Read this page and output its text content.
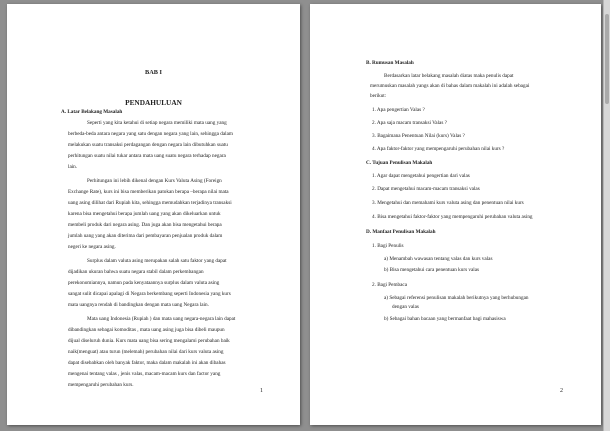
BAB I
PENDAHULUAN
A. Latar Belakang Masalah
Seperti yang kita ketahui di setiap negara memiliki mata uang yang
berbeda-beda antara negara yang satu dengan negara yang lain, sehingga dalam
melakukan suatu transaksi perdagangan dengan negara lain dibutuhkan suatu
perhitungan suatu nilai tukar antara mata uang suatu negara terhadap negara
lain.
Perhitungan ini lebih dikenal dengan Kurs Valuta Asing (Foreign
Exchange Rate), kurs ini bisa memberikan patokan berapa –berapa nilai mata
uang asing dilihat dari Rupiah kita, sehingga memudahkan terjadinya transaksi
karena bisa mengetahui berapa jumlah uang yang akan dikeluarkan untuk
membeli produk dari negara asing. Dan juga akan bisa mengetahui berapa
jumlah uang yang akan diterima dari pembayaran penjualan produk dalam
negeri ke negara asing.
Surplus dalam valuta asing merupakan salah satu faktor yang dapat
dijadikan ukuran bahwa suatu negara stabil dalam perkembangan
perekonomiannya, namun pada kenyataannya surplus dalam valuta asing
sangat sulit dicapai apalagi di Negara berkembang seperti Indonesia yang kurs
mata uangnya rendah di bandingkan dengan mata uang Negara lain.
Mata uang Indonesia (Rupiah ) dan mata uang negara-negara lain dapat
dibandingkan sebagai komoditas , mata uang asing juga bisa dibeli maupun
dijual diseluruh dunia. Kurs mata uang bisa sering mengalami perubahan baik
naik(menguat) atau turun (melemah) perubahan nilai dari kurs valuta asing
dapat disebabkan oleh banyak faktor, maka dalam makalah ini akan dibahas
mengenai tentang valas , jenis valas, macam-macam kurs dan factor yang
mempengaruhi perubahan kurs.
1
B. Rumusan Masalah
Berdasarkan latar belakang masalah diatas maka penulis dapat
merumuskan masalah yangs akan di bahas dalam makalah ini adalah sebagai
berikut:
1. Apa pengertian Valas ?
2. Apa saja macam transaksi Valas ?
3. Bagaimana Penentuan Nilai (kurs) Valas ?
4. Apa faktor-faktor yang mempengaruhi perubahan nilai kurs ?
C. Tujuan Penulisan Makalah
1. Agar dapat mengetahui pengertian dari valas
2. Dapat mengetahui macam-macam transaksi valas
3. Mengetahui dan memahami kurs valuta asing dan penentuan nilai kurs
4. Bisa mengetahui faktor-faktor yang mempengaruhi perubahan valuta asing
D. Manfaat Penulisan Makalah
1. Bagi Penulis
a) Menambah wawasan tentang valas dan kurs valas
b) Bisa mengetahui cara penentuan kurs valas
2. Bagi Pembaca
a) Sebagai referensi penulisan makalah berikutnya yang berhubungan
dengan valas
b) Sebagai bahan bacaan yang bermanfaat bagi mahasiswa
2
